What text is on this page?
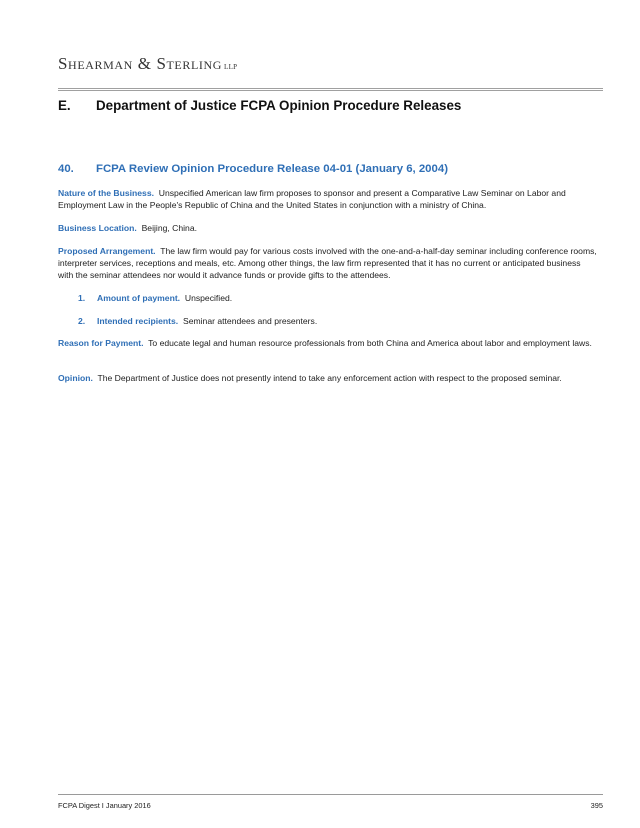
Shearman & Sterling LLP
E. Department of Justice FCPA Opinion Procedure Releases
40. FCPA Review Opinion Procedure Release 04-01 (January 6, 2004)
Nature of the Business. Unspecified American law firm proposes to sponsor and present a Comparative Law Seminar on Labor and Employment Law in the People's Republic of China and the United States in conjunction with a ministry of China.
Business Location. Beijing, China.
Proposed Arrangement. The law firm would pay for various costs involved with the one-and-a-half-day seminar including conference rooms, interpreter services, receptions and meals, etc. Among other things, the law firm represented that it has no current or anticipated business with the seminar attendees nor would it advance funds or provide gifts to the attendees.
1. Amount of payment. Unspecified.
2. Intended recipients. Seminar attendees and presenters.
Reason for Payment. To educate legal and human resource professionals from both China and America about labor and employment laws.
Opinion. The Department of Justice does not presently intend to take any enforcement action with respect to the proposed seminar.
FCPA Digest I January 2016	395
